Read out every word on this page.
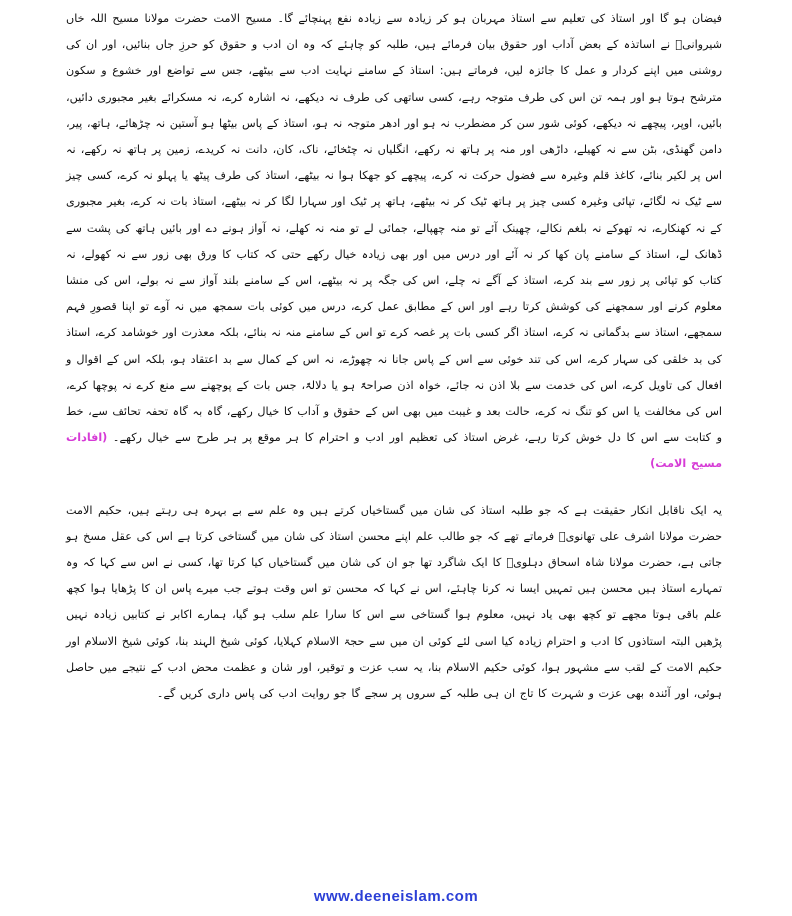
فیضان ہو گا اور استاذ کی تعلیم سے استاذ مہربان ہو کر زیادہ سے زیادہ نفع پہنچائے گا۔ مسیح الامت حضرت مولانا مسیح اللہ خاں شیروانیؒ نے اساتذہ کے بعض آداب اور حقوق بیان فرمائے ہیں، طلبہ کو چاہئے کہ وہ ان ادب و حقوق کو حرزِ جاں بنائیں، اور ان کی روشنی میں اپنے کردار و عمل کا جائزہ لیں، فرماتے ہیں: استاذ کے سامنے نہایت ادب سے بیٹھے، جس سے تواضع اور خشوع و سکون مترشح ہوتا ہو اور ہمہ تن اس کی طرف متوجہ رہے، کسی ساتھی کی طرف نہ دیکھے، نہ اشارہ کرے، نہ مسکرائے بغیر مجبوری دائیں، بائیں، اوپر، پیچھے نہ دیکھے، کوئی شور سن کر مضطرب نہ ہو اور ادھر متوجہ نہ ہو، استاذ کے پاس بیٹھا ہو آستین نہ چڑھائے، ہاتھ، پیر، دامن گھنڈی، بٹن سے نہ کھیلے، داڑھی اور منہ پر ہاتھ نہ رکھے، انگلیاں نہ چٹخائے، ناک، کان، دانت نہ کریدے، زمین پر ہاتھ نہ رکھے، نہ اس پر لکیر بنائے، کاغذ قلم وغیرہ سے فضول حرکت نہ کرے، پیچھے کو جھکا ہوا نہ بیٹھے، استاذ کی طرف پیٹھ یا پہلو نہ کرے، کسی چیز سے ٹیک نہ لگائے، تپائی وغیرہ کسی چیز پر ہاتھ ٹیک کر نہ بیٹھے، ہاتھ پر ٹیک اور سہارا لگا کر نہ بیٹھے، استاذ بات نہ کرے، بغیر مجبوری کے نہ کھنکارے، نہ تھوکے نہ بلغم نکالے، چھینک آئے تو منہ چھپالے، جمائی لے تو منہ نہ کھلے، نہ آواز ہونے دے اور بائیں ہاتھ کی پشت سے ڈھانک لے، استاذ کے سامنے پان کھا کر نہ آئے اور درس میں اور بھی زیادہ خیال رکھے حتی کہ کتاب کا ورق بھی زور سے نہ کھولے، نہ کتاب کو تپائی پر زور سے بند کرے، استاذ کے آگے نہ چلے، اس کی جگہ پر نہ بیٹھے، اس کے سامنے بلند آواز سے نہ بولے، اس کی منشا معلوم کرنے اور سمجھنے کی کوشش کرتا رہے اور اس کے مطابق عمل کرے، درس میں کوئی بات سمجھ میں نہ آوے تو اپنا قصورِ فہم سمجھے، استاذ سے بدگمانی نہ کرے، استاذ اگر کسی بات پر غصہ کرے تو اس کے سامنے منہ نہ بنائے، بلکہ معذرت اور خوشامد کرے، استاذ کی بد خلقی کی سہار کرے، اس کی تند خوئی سے اس کے پاس جانا نہ چھوڑے، نہ اس کے کمال سے بد اعتقاد ہو، بلکہ اس کے اقوال و افعال کی تاویل کرے، اس کی خدمت سے بلا اذن نہ جائے، خواہ اذن صراحۃً ہو یا دلالۃً، جس بات کے پوچھنے سے منع کرے نہ پوچھا کرے، اس کی مخالفت یا اس کو تنگ نہ کرے، حالت بعد و غیبت میں بھی اس کے حقوق و آداب کا خیال رکھے، گاہ بہ گاہ تحفہ تحائف سے، خط و کتابت سے اس کا دل خوش کرتا رہے، غرض استاذ کی تعظیم اور ادب و احترام کا ہر موقع پر ہر طرح سے خیال رکھے۔ (افادات مسیح الامت)

یہ ایک ناقابل انکار حقیقت ہے کہ جو طلبہ استاذ کی شان میں گستاخیاں کرتے ہیں وہ علم سے بے بہرہ ہی رہتے ہیں، حکیم الامت حضرت مولانا اشرف علی تھانویؒ فرماتے تھے کہ جو طالب علم اپنے محسن استاذ کی شان میں گستاخی کرتا ہے اس کی عقل مسخ ہو جاتی ہے، حضرت مولانا شاہ اسحاق دہلویؒ کا ایک شاگرد تھا جو ان کی شان میں گستاخیاں کیا کرتا تھا، کسی نے اس سے کہا کہ وہ تمہارے استاذ ہیں محسن ہیں تمہیں ایسا نہ کرنا چاہئے، اس نے کہا کہ محسن تو اس وقت ہوتے جب میرے پاس ان کا پڑھایا ہوا کچھ علم باقی ہوتا مجھے تو کچھ بھی یاد نہیں، معلوم ہوا گستاخی سے اس کا سارا علم سلب ہو گیا، ہمارے اکابر نے کتابیں زیادہ نہیں پڑھیں البتہ استاذوں کا ادب و احترام زیادہ کیا اسی لئے کوئی ان میں سے حجۃ الاسلام کہلایا، کوئی شیخ الہند بنا، کوئی شیخ الاسلام اور حکیم الامت کے لقب سے مشہور ہوا، کوئی حکیم الاسلام بنا، یہ سب عزت و توقیر، اور شان و عظمت محض ادب کے نتیجے میں حاصل ہوئی، اور آئندہ بھی عزت و شہرت کا تاج ان ہی طلبہ کے سروں پر سجے گا جو روایت ادب کی پاس داری کریں گے۔

www.deeneislam.com
